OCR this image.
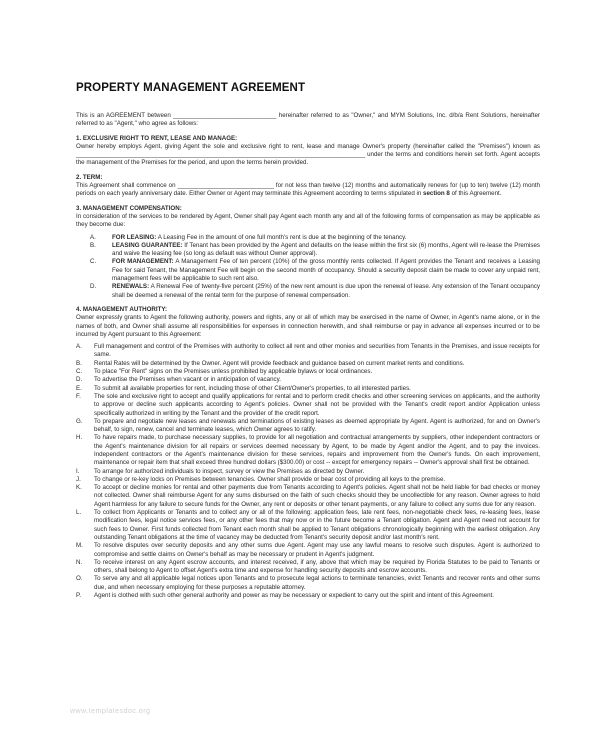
PROPERTY MANAGEMENT AGREEMENT

This is an AGREEMENT between ______________________________ hereinafter referred to as "Owner," and MYM Solutions, Inc. d/b/a Rent Solutions, hereinafter referred to as "Agent," who agree as follows:

1. EXCLUSIVE RIGHT TO RENT, LEASE AND MANAGE:

Owner hereby employs Agent, giving Agent the sole and exclusive right to rent, lease and manage Owner's property (hereinafter called the "Premises") known as ____________________________________________________________________________________ under the terms and conditions herein set forth. Agent accepts the management of the Premises for the period, and upon the terms herein provided.

2. TERM:

This Agreement shall commence on ____________________________ for not less than twelve (12) months and automatically renews for (up to ten) twelve (12) month periods on each yearly anniversary date. Either Owner or Agent may terminate this Agreement according to terms stipulated in section 8 of this Agreement.

3. MANAGEMENT COMPENSATION:

In consideration of the services to be rendered by Agent, Owner shall pay Agent each month any and all of the following forms of compensation as may be applicable as they become due:

A.	FOR LEASING: A Leasing Fee in the amount of one full month's rent is due at the beginning of the tenancy.
B.	LEASING GUARANTEE: If Tenant has been provided by the Agent and defaults on the lease within the first six (6) months, Agent will re-lease the Premises and waive the leasing fee (so long as default was without Owner approval).
C.	FOR MANAGEMENT: A Management Fee of ten percent (10%) of the gross monthly rents collected. If Agent provides the Tenant and receives a Leasing Fee for said Tenant, the Management Fee will begin on the second month of occupancy. Should a security deposit claim be made to cover any unpaid rent, management fees will be applicable to such rent also.
D.	RENEWALS: A Renewal Fee of twenty-five percent (25%) of the new rent amount is due upon the renewal of lease. Any extension of the Tenant occupancy shall be deemed a renewal of the rental term for the purpose of renewal compensation.

4. MANAGEMENT AUTHORITY:

Owner expressly grants to Agent the following authority, powers and rights, any or all of which may be exercised in the name of Owner, in Agent's name alone, or in the names of both, and Owner shall assume all responsibilities for expenses in connection herewith, and shall reimburse or pay in advance all expenses incurred or to be incurred by Agent pursuant to this Agreement:

A.	Full management and control of the Premises with authority to collect all rent and other monies and securities from Tenants in the Premises, and issue receipts for same.
B.	Rental Rates will be determined by the Owner. Agent will provide feedback and guidance based on current market rents and conditions.
C.	To place "For Rent" signs on the Premises unless prohibited by applicable bylaws or local ordinances.
D.	To advertise the Premises when vacant or in anticipation of vacancy.
E.	To submit all available properties for rent, including those of other Client/Owner's properties, to all interested parties.
F.	The sole and exclusive right to accept and qualify applications for rental and to perform credit checks and other screening services on applicants, and the authority to approve or decline such applicants according to Agent's policies. Owner shall not be provided with the Tenant's credit report and/or Application unless specifically authorized in writing by the Tenant and the provider of the credit report.
G.	To prepare and negotiate new leases and renewals and terminations of existing leases as deemed appropriate by Agent. Agent is authorized, for and on Owner's behalf, to sign, renew, cancel and terminate leases, which Owner agrees to ratify.
H.	To have repairs made, to purchase necessary supplies, to provide for all negotiation and contractual arrangements by suppliers, other independent contractors or the Agent's maintenance division for all repairs or services deemed necessary by Agent, to be made by Agent and/or the Agent, and to pay the invoices. Independent contractors or the Agent's maintenance division for these services, repairs and improvement from the Owner's funds. On each improvement, maintenance or repair item that shall exceed three hundred dollars ($300.00) or cost -- except for emergency repairs -- Owner's approval shall first be obtained.
I.	To arrange for authorized individuals to inspect, survey or view the Premises as directed by Owner.
J.	To change or re-key locks on Premises between tenancies. Owner shall provide or bear cost of providing all keys to the premise.
K.	To accept or decline monies for rental and other payments due from Tenants according to Agent's policies. Agent shall not be held liable for bad checks or money not collected. Owner shall reimburse Agent for any sums disbursed on the faith of such checks should they be uncollectible for any reason. Owner agrees to hold Agent harmless for any failure to secure funds for the Owner, any rent or deposits or other tenant payments, or any failure to collect any sums due for any reason.
L.	To collect from Applicants or Tenants and to collect any or all of the following: application fees, late rent fees, non-negotiable check fees, re-leasing fees, lease modification fees, legal notice services fees, or any other fees that may now or in the future become a Tenant obligation. Agent and Agent need not account for such fees to Owner. First funds collected from Tenant each month shall be applied to Tenant obligations chronologically beginning with the earliest obligation. Any outstanding Tenant obligations at the time of vacancy may be deducted from Tenant's security deposit and/or last month's rent.
M.	To resolve disputes over security deposits and any other sums due Agent. Agent may use any lawful means to resolve such disputes. Agent is authorized to compromise and settle claims on Owner's behalf as may be necessary or prudent in Agent's judgment.
N.	To receive interest on any Agent escrow accounts, and interest received, if any, above that which may be required by Florida Statutes to be paid to Tenants or others, shall belong to Agent to offset Agent's extra time and expense for handling security deposits and escrow accounts.
O.	To serve any and all applicable legal notices upon Tenants and to prosecute legal actions to terminate tenancies, evict Tenants and recover rents and other sums due, and when necessary employing for these purposes a reputable attorney.
P.	Agent is clothed with such other general authority and power as may be necessary or expedient to carry out the spirit and intent of this Agreement.
www.templatesdoc.org
